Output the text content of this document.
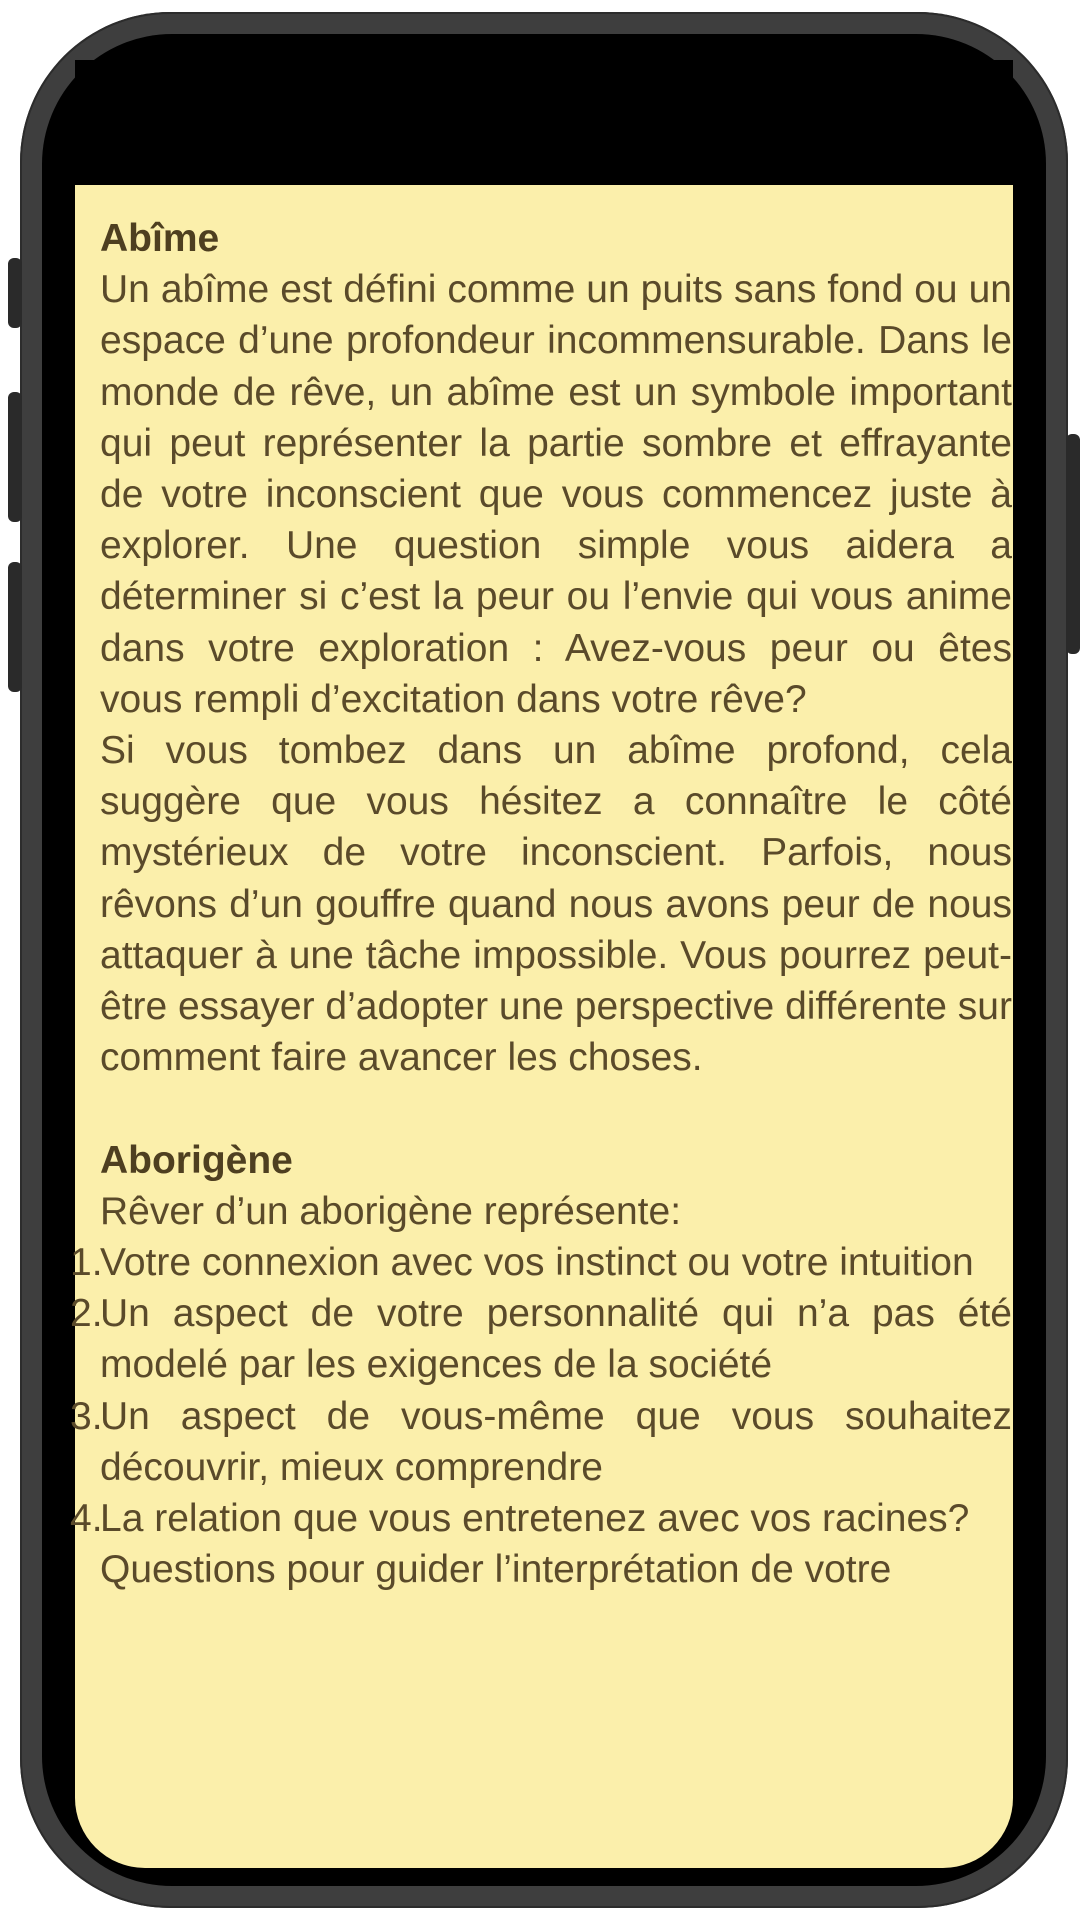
Abîme

Un abîme est défini comme un puits sans fond ou un espace d’une profondeur incommensurable. Dans le monde de rêve, un abîme est un symbole important qui peut représenter la partie sombre et effrayante de votre inconscient que vous commencez juste à explorer. Une question simple vous aidera a déterminer si c’est la peur ou l’envie qui vous anime dans votre exploration : Avez-vous peur ou êtes vous rempli d’excitation dans votre rêve?

Si vous tombez dans un abîme profond, cela suggère que vous hésitez a connaître le côté mystérieux de votre inconscient. Parfois, nous rêvons d’un gouffre quand nous avons peur de nous attaquer à une tâche impossible. Vous pourrez peut-être essayer d’adopter une perspective différente sur comment faire avancer les choses.

Aborigène

Rêver d’un aborigène représente:

1.
Votre connexion avec vos instinct ou votre intuition
2.
Un aspect de votre personnalité qui n’a pas été modelé par les exigences de la société
3.
Un aspect de vous-même que vous souhaitez découvrir, mieux comprendre
4.
La relation que vous entretenez avec vos racines?

Questions pour guider l’interprétation de votre
